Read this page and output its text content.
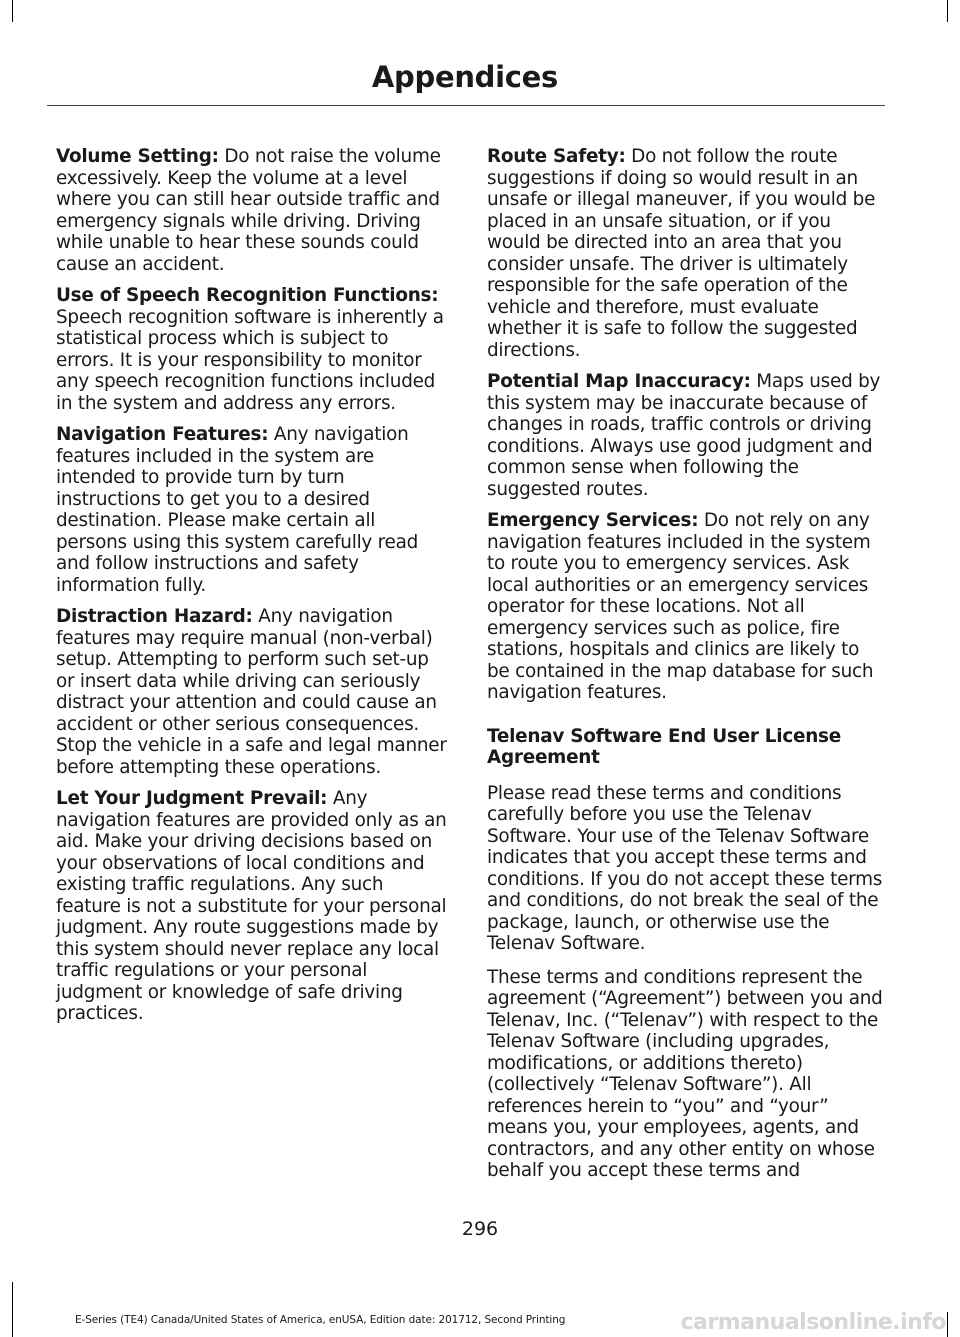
Appendices

Volume Setting: Do not raise the volume excessively. Keep the volume at a level where you can still hear outside traffic and emergency signals while driving. Driving while unable to hear these sounds could cause an accident.

Use of Speech Recognition Functions: Speech recognition software is inherently a statistical process which is subject to errors. It is your responsibility to monitor any speech recognition functions included in the system and address any errors.

Navigation Features: Any navigation features included in the system are intended to provide turn by turn instructions to get you to a desired destination. Please make certain all persons using this system carefully read and follow instructions and safety information fully.

Distraction Hazard: Any navigation features may require manual (non-verbal) setup. Attempting to perform such set-up or insert data while driving can seriously distract your attention and could cause an accident or other serious consequences. Stop the vehicle in a safe and legal manner before attempting these operations.

Let Your Judgment Prevail: Any navigation features are provided only as an aid. Make your driving decisions based on your observations of local conditions and existing traffic regulations. Any such feature is not a substitute for your personal judgment. Any route suggestions made by this system should never replace any local traffic regulations or your personal judgment or knowledge of safe driving practices.

Route Safety: Do not follow the route suggestions if doing so would result in an unsafe or illegal maneuver, if you would be placed in an unsafe situation, or if you would be directed into an area that you consider unsafe. The driver is ultimately responsible for the safe operation of the vehicle and therefore, must evaluate whether it is safe to follow the suggested directions.

Potential Map Inaccuracy: Maps used by this system may be inaccurate because of changes in roads, traffic controls or driving conditions. Always use good judgment and common sense when following the suggested routes.

Emergency Services: Do not rely on any navigation features included in the system to route you to emergency services. Ask local authorities or an emergency services operator for these locations. Not all emergency services such as police, fire stations, hospitals and clinics are likely to be contained in the map database for such navigation features.

Telenav Software End User License Agreement

Please read these terms and conditions carefully before you use the Telenav Software. Your use of the Telenav Software indicates that you accept these terms and conditions. If you do not accept these terms and conditions, do not break the seal of the package, launch, or otherwise use the Telenav Software.

These terms and conditions represent the agreement (“Agreement”) between you and Telenav, Inc. (“Telenav”) with respect to the Telenav Software (including upgrades, modifications, or additions thereto) (collectively “Telenav Software”). All references herein to “you” and “your” means you, your employees, agents, and contractors, and any other entity on whose behalf you accept these terms and

296
E-Series (TE4) Canada/United States of America, enUSA, Edition date: 201712, Second Printing	carmanualsonline.info
